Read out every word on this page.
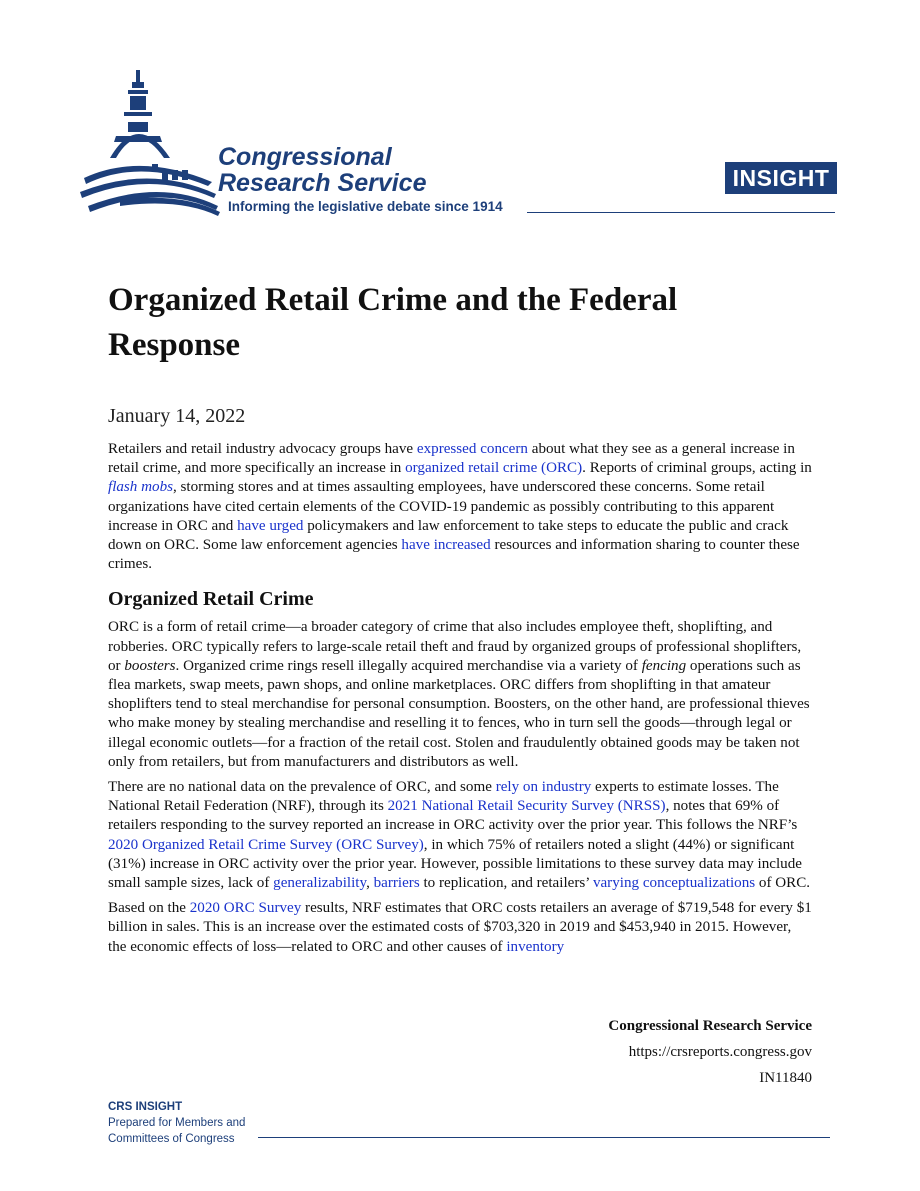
Congressional
Research Service
Informing the legislative debate since 1914
INSIGHT
Organized Retail Crime and the Federal Response

January 14, 2022

Retailers and retail industry advocacy groups have expressed concern about what they see as a general increase in retail crime, and more specifically an increase in organized retail crime (ORC). Reports of criminal groups, acting in flash mobs, storming stores and at times assaulting employees, have underscored these concerns. Some retail organizations have cited certain elements of the COVID-19 pandemic as possibly contributing to this apparent increase in ORC and have urged policymakers and law enforcement to take steps to educate the public and crack down on ORC. Some law enforcement agencies have increased resources and information sharing to counter these crimes.

Organized Retail Crime

ORC is a form of retail crime—a broader category of crime that also includes employee theft, shoplifting, and robberies. ORC typically refers to large-scale retail theft and fraud by organized groups of professional shoplifters, or boosters. Organized crime rings resell illegally acquired merchandise via a variety of fencing operations such as flea markets, swap meets, pawn shops, and online marketplaces. ORC differs from shoplifting in that amateur shoplifters tend to steal merchandise for personal consumption. Boosters, on the other hand, are professional thieves who make money by stealing merchandise and reselling it to fences, who in turn sell the goods—through legal or illegal economic outlets—for a fraction of the retail cost. Stolen and fraudulently obtained goods may be taken not only from retailers, but from manufacturers and distributors as well.

There are no national data on the prevalence of ORC, and some rely on industry experts to estimate losses. The National Retail Federation (NRF), through its 2021 National Retail Security Survey (NRSS), notes that 69% of retailers responding to the survey reported an increase in ORC activity over the prior year. This follows the NRF’s 2020 Organized Retail Crime Survey (ORC Survey), in which 75% of retailers noted a slight (44%) or significant (31%) increase in ORC activity over the prior year. However, possible limitations to these survey data may include small sample sizes, lack of generalizability, barriers to replication, and retailers’ varying conceptualizations of ORC.

Based on the 2020 ORC Survey results, NRF estimates that ORC costs retailers an average of $719,548 for every $1 billion in sales. This is an increase over the estimated costs of $703,320 in 2019 and $453,940 in 2015. However, the economic effects of loss—related to ORC and other causes of inventory

Congressional Research Service
https://crsreports.congress.gov
IN11840
CRS INSIGHT
Prepared for Members and
Committees of Congress
